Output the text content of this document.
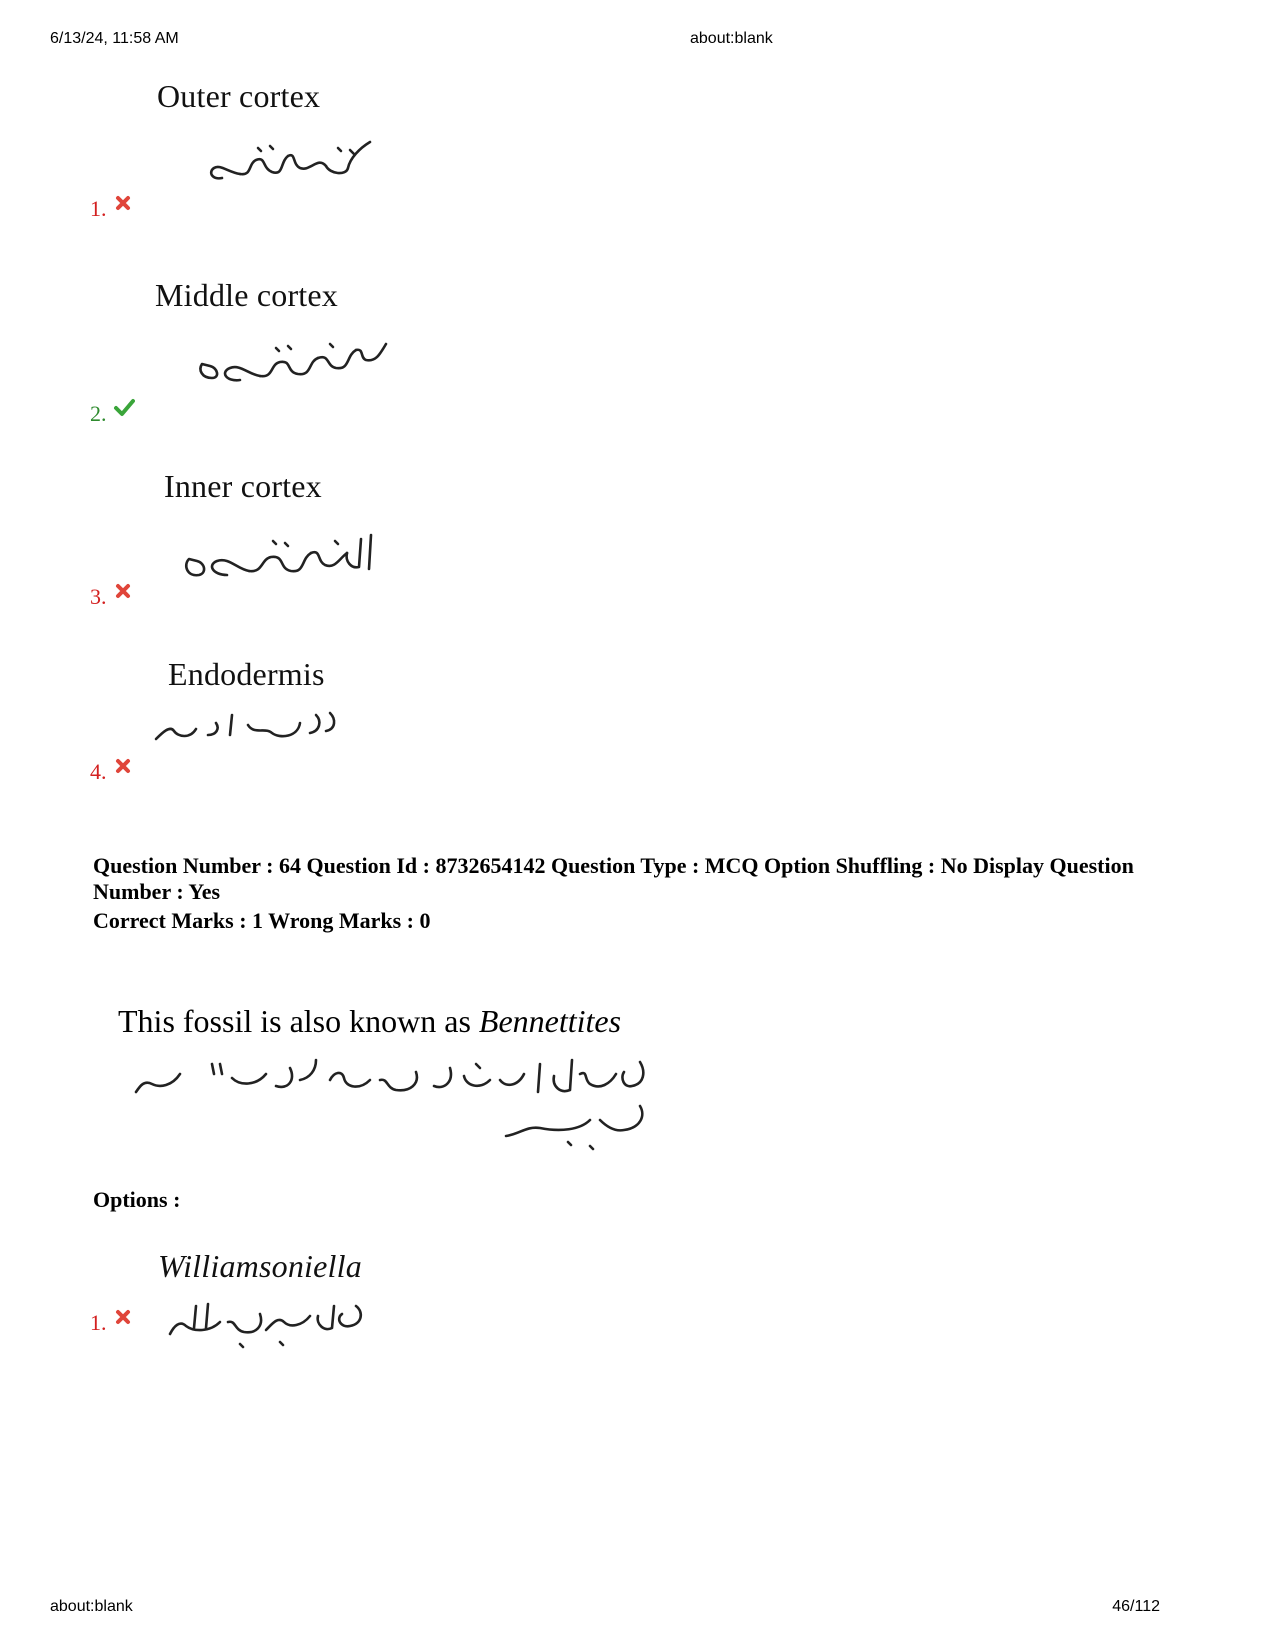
6/13/24, 11:58 AM	about:blank
Outer cortex
1.
Middle cortex
2.
Inner cortex
3.
Endodermis
4.
Question Number : 64 Question Id : 8732654142 Question Type : MCQ Option Shuffling : No Display Question Number : Yes
Correct Marks : 1 Wrong Marks : 0
This fossil is also known as Bennettites
Options :
Williamsoniella
1.
about:blank	46/112
